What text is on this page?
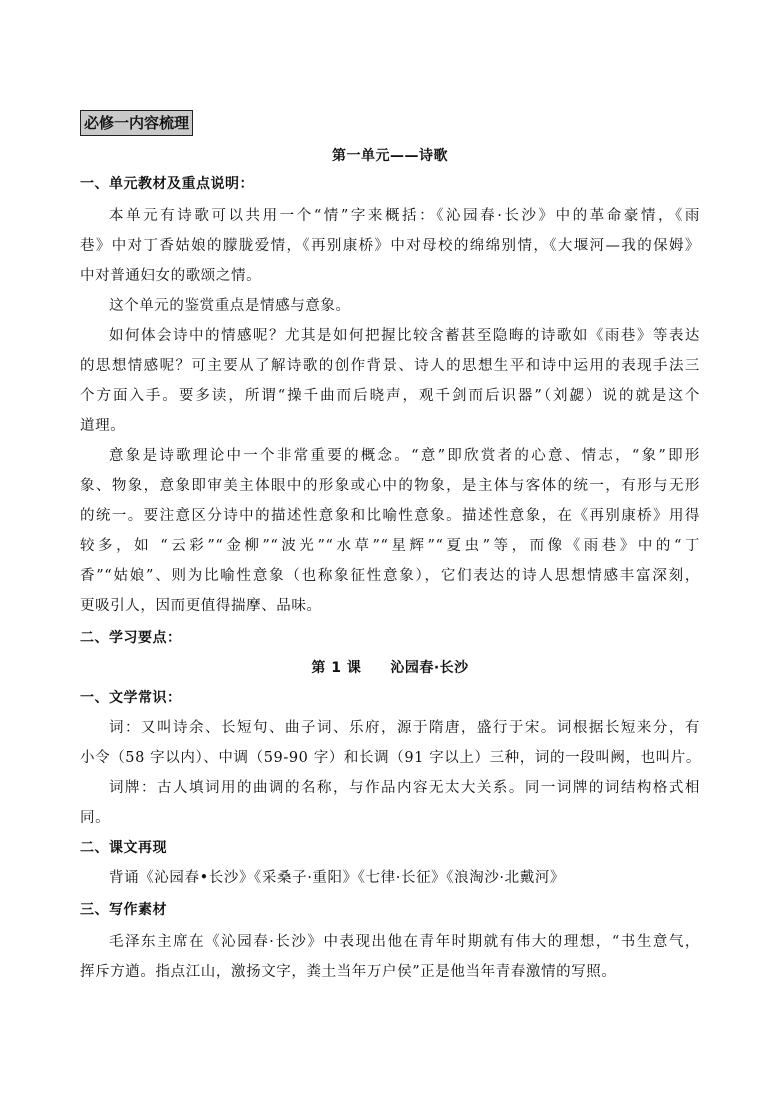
必修一内容梳理
第一单元——诗歌
一、单元教材及重点说明：
本单元有诗歌可以共用一个“情”字来概括：《沁园春·长沙》中的革命豪情，《雨
巷》中对丁香姑娘的朦胧爱情，《再别康桥》中对母校的绵绵别情，《大堰河—我的保姆》
中对普通妇女的歌颂之情。
这个单元的鉴赏重点是情感与意象。
如何体会诗中的情感呢？尤其是如何把握比较含蓄甚至隐晦的诗歌如《雨巷》等表达
的思想情感呢？可主要从了解诗歌的创作背景、诗人的思想生平和诗中运用的表现手法三
个方面入手。要多读，所谓“操千曲而后晓声，观千剑而后识器”（刘勰）说的就是这个
道理。
意象是诗歌理论中一个非常重要的概念。“意”即欣赏者的心意、情志，“象”即形
象、物象，意象即审美主体眼中的形象或心中的物象，是主体与客体的统一，有形与无形
的统一。要注意区分诗中的描述性意象和比喻性意象。描述性意象，在《再别康桥》用得
较多，如 “云彩”“金柳”“波光”“水草”“星辉”“夏虫”等，而像《雨巷》中的“丁
香”“姑娘”、则为比喻性意象（也称象征性意象），它们表达的诗人思想情感丰富深刻，
更吸引人，因而更值得揣摩、品味。
二、学习要点：
第 1 课　　沁园春·长沙
一、文学常识：
词：又叫诗余、长短句、曲子词、乐府，源于隋唐，盛行于宋。词根据长短来分，有
小令（58 字以内）、中调（59-90 字）和长调（91 字以上）三种，词的一段叫阙，也叫片。
词牌：古人填词用的曲调的名称，与作品内容无太大关系。同一词牌的词结构格式相
同。
二、课文再现
背诵《沁园春•长沙》《采桑子·重阳》《七律·长征》《浪淘沙·北戴河》
三、写作素材
毛泽东主席在《沁园春·长沙》中表现出他在青年时期就有伟大的理想，“书生意气，
挥斥方遒。指点江山，激扬文字，粪土当年万户侯”正是他当年青春激情的写照。
